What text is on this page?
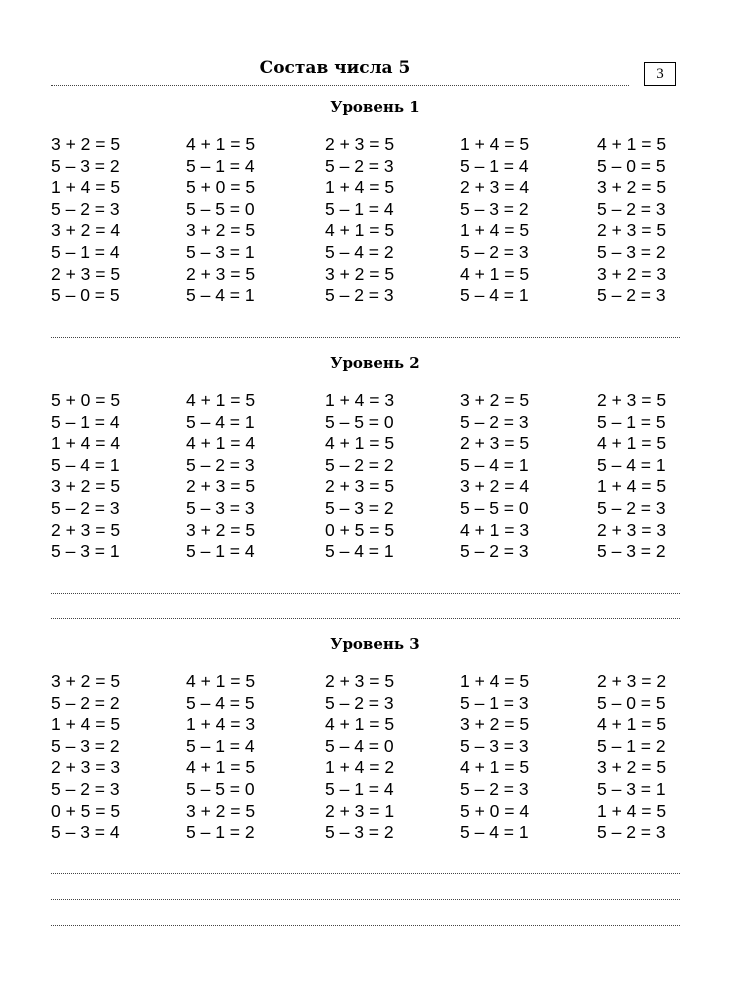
Состав числа 5	3
Уровень 1
3 + 2 = 5
5 – 3 = 2
1 + 4 = 5
5 – 2 = 3
3 + 2 = 4
5 – 1 = 4
2 + 3 = 5
5 – 0 = 5
4 + 1 = 5
5 – 1 = 4
5 + 0 = 5
5 – 5 = 0
3 + 2 = 5
5 – 3 = 1
2 + 3 = 5
5 – 4 = 1
2 + 3 = 5
5 – 2 = 3
1 + 4 = 5
5 – 1 = 4
4 + 1 = 5
5 – 4 = 2
3 + 2 = 5
5 – 2 = 3
1 + 4 = 5
5 – 1 = 4
2 + 3 = 4
5 – 3 = 2
1 + 4 = 5
5 – 2 = 3
4 + 1 = 5
5 – 4 = 1
4 + 1 = 5
5 – 0 = 5
3 + 2 = 5
5 – 2 = 3
2 + 3 = 5
5 – 3 = 2
3 + 2 = 3
5 – 2 = 3
Уровень 2
5 + 0 = 5
5 – 1 = 4
1 + 4 = 4
5 – 4 = 1
3 + 2 = 5
5 – 2 = 3
2 + 3 = 5
5 – 3 = 1
4 + 1 = 5
5 – 4 = 1
4 + 1 = 4
5 – 2 = 3
2 + 3 = 5
5 – 3 = 3
3 + 2 = 5
5 – 1 = 4
1 + 4 = 3
5 – 5 = 0
4 + 1 = 5
5 – 2 = 2
2 + 3 = 5
5 – 3 = 2
0 + 5 = 5
5 – 4 = 1
3 + 2 = 5
5 – 2 = 3
2 + 3 = 5
5 – 4 = 1
3 + 2 = 4
5 – 5 = 0
4 + 1 = 3
5 – 2 = 3
2 + 3 = 5
5 – 1 = 5
4 + 1 = 5
5 – 4 = 1
1 + 4 = 5
5 – 2 = 3
2 + 3 = 3
5 – 3 = 2
Уровень 3
3 + 2 = 5
5 – 2 = 2
1 + 4 = 5
5 – 3 = 2
2 + 3 = 3
5 – 2 = 3
0 + 5 = 5
5 – 3 = 4
4 + 1 = 5
5 – 4 = 5
1 + 4 = 3
5 – 1 = 4
4 + 1 = 5
5 – 5 = 0
3 + 2 = 5
5 – 1 = 2
2 + 3 = 5
5 – 2 = 3
4 + 1 = 5
5 – 4 = 0
1 + 4 = 2
5 – 1 = 4
2 + 3 = 1
5 – 3 = 2
1 + 4 = 5
5 – 1 = 3
3 + 2 = 5
5 – 3 = 3
4 + 1 = 5
5 – 2 = 3
5 + 0 = 4
5 – 4 = 1
2 + 3 = 2
5 – 0 = 5
4 + 1 = 5
5 – 1 = 2
3 + 2 = 5
5 – 3 = 1
1 + 4 = 5
5 – 2 = 3
